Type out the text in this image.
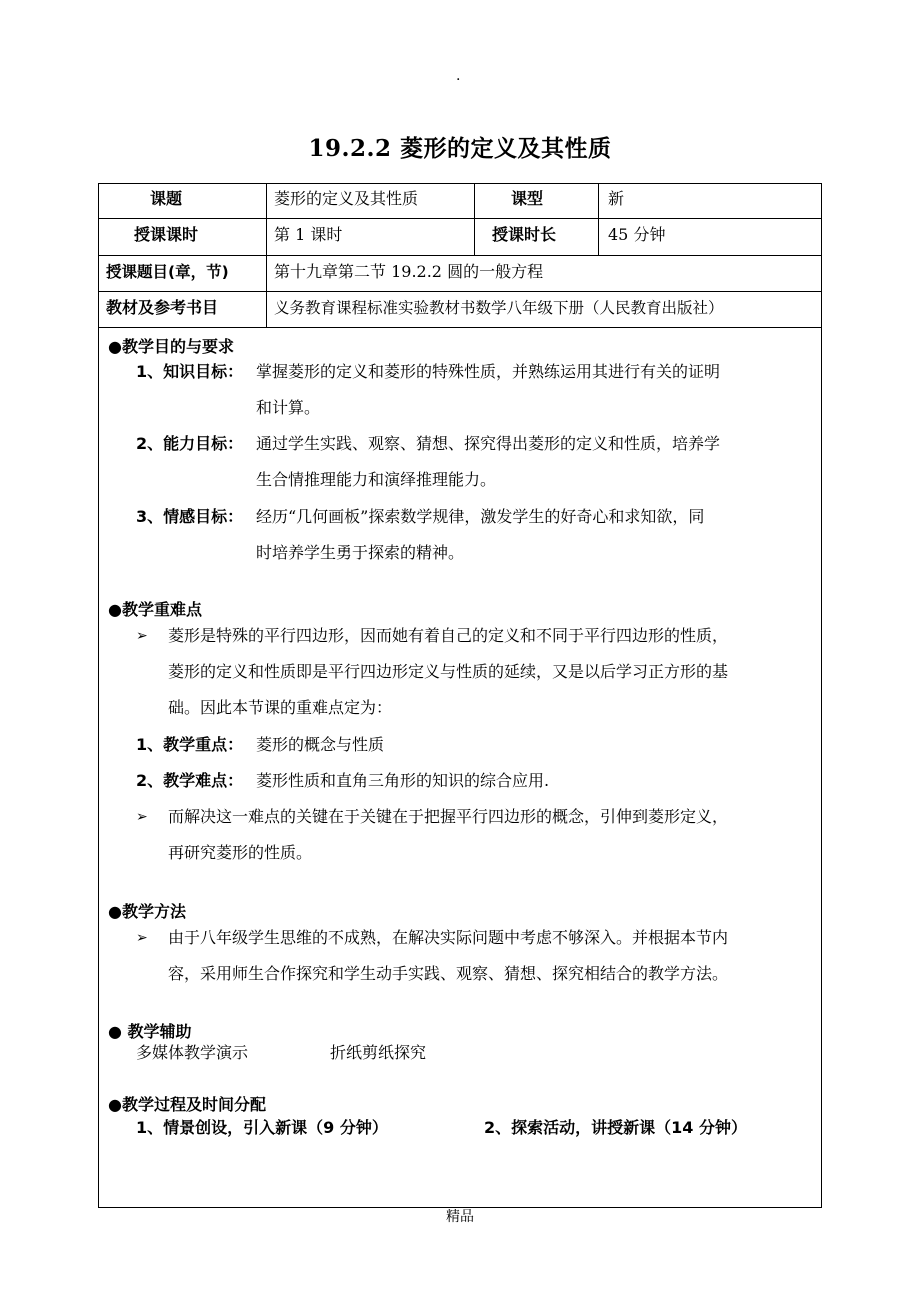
.
19.2.2 菱形的定义及其性质
课题	菱形的定义及其性质	课型	新
授课课时	第 1 课时	授课时长	45 分钟
授课题目(章，节)	第十九章第二节 19.2.2 圆的一般方程
教材及参考书目	义务教育课程标准实验教材书数学八年级下册（人民教育出版社）
●教学目的与要求
1、知识目标： 掌握菱形的定义和菱形的特殊性质，并熟练运用其进行有关的证明
和计算。
2、能力目标： 通过学生实践、观察、猜想、探究得出菱形的定义和性质，培养学
生合情推理能力和演绎推理能力。
3、情感目标： 经历“几何画板”探索数学规律，激发学生的好奇心和求知欲，同
时培养学生勇于探索的精神。
●教学重难点
➢ 菱形是特殊的平行四边形，因而她有着自己的定义和不同于平行四边形的性质，
菱形的定义和性质即是平行四边形定义与性质的延续，又是以后学习正方形的基
础。因此本节课的重难点定为：
1、教学重点： 菱形的概念与性质
2、教学难点： 菱形性质和直角三角形的知识的综合应用.
➢ 而解决这一难点的关键在于关键在于把握平行四边形的概念，引伸到菱形定义，
再研究菱形的性质。
●教学方法
➢ 由于八年级学生思维的不成熟，在解决实际问题中考虑不够深入。并根据本节内
容，采用师生合作探究和学生动手实践、观察、猜想、探究相结合的教学方法。
● 教学辅助
多媒体教学演示	折纸剪纸探究
●教学过程及时间分配
1、情景创设，引入新课（9 分钟）	2、探索活动，讲授新课（14 分钟）
精品
